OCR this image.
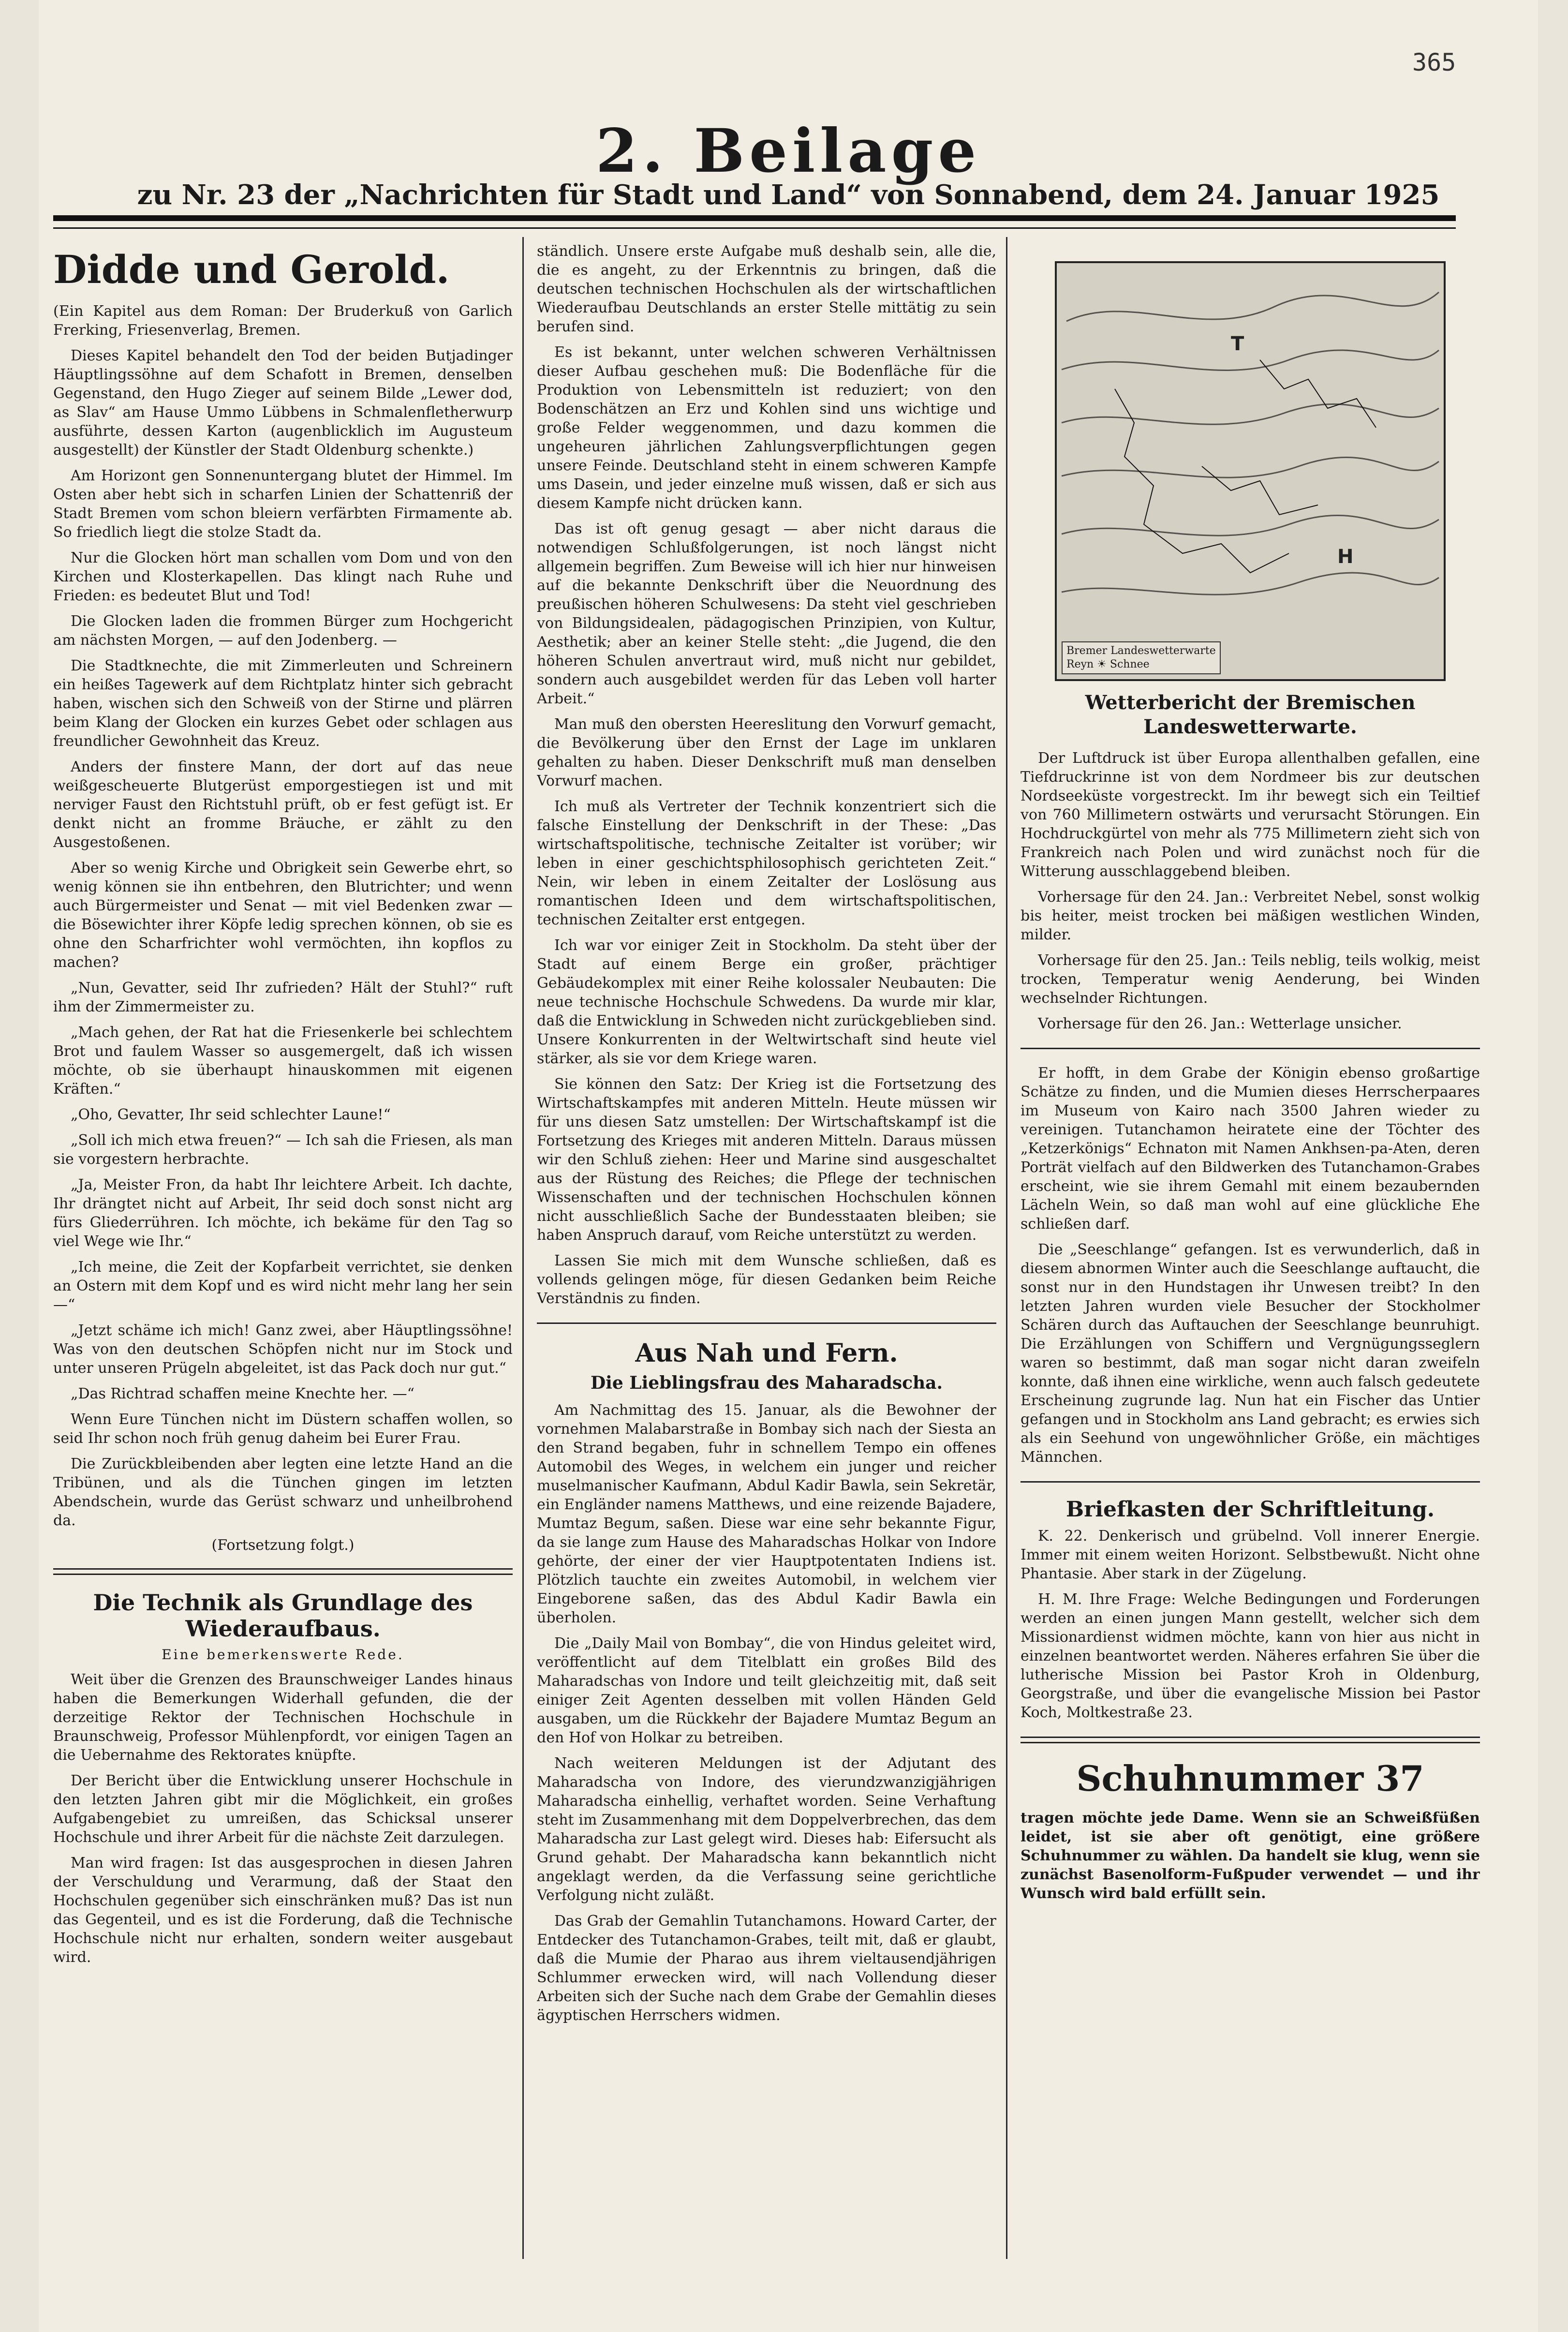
365
2. Beilage
zu Nr. 23 der „Nachrichten für Stadt und Land“ von Sonnabend, dem 24. Januar 1925
Didde und Gerold.

(Ein Kapitel aus dem Roman: Der Bruderkuß von Garlich Frerking, Friesenverlag, Bremen.

Dieses Kapitel behandelt den Tod der beiden Butjadinger Häuptlingssöhne auf dem Schafott in Bremen, denselben Gegenstand, den Hugo Zieger auf seinem Bilde „Lewer dod, as Slav“ am Hause Ummo Lübbens in Schmalenfletherwurp ausführte, dessen Karton (augenblicklich im Augusteum ausgestellt) der Künstler der Stadt Oldenburg schenkte.)

Am Horizont gen Sonnenuntergang blutet der Himmel. Im Osten aber hebt sich in scharfen Linien der Schattenriß der Stadt Bremen vom schon bleiern verfärbten Firmamente ab. So friedlich liegt die stolze Stadt da.

Nur die Glocken hört man schallen vom Dom und von den Kirchen und Klosterkapellen. Das klingt nach Ruhe und Frieden: es bedeutet Blut und Tod!

Die Glocken laden die frommen Bürger zum Hochgericht am nächsten Morgen, — auf den Jodenberg. —

Die Stadtknechte, die mit Zimmerleuten und Schreinern ein heißes Tagewerk auf dem Richtplatz hinter sich gebracht haben, wischen sich den Schweiß von der Stirne und plärren beim Klang der Glocken ein kurzes Gebet oder schlagen aus freundlicher Gewohnheit das Kreuz.

Anders der finstere Mann, der dort auf das neue weißgescheuerte Blutgerüst emporgestiegen ist und mit nerviger Faust den Richtstuhl prüft, ob er fest gefügt ist. Er denkt nicht an fromme Bräuche, er zählt zu den Ausgestoßenen.

Aber so wenig Kirche und Obrigkeit sein Gewerbe ehrt, so wenig können sie ihn entbehren, den Blutrichter; und wenn auch Bürgermeister und Senat — mit viel Bedenken zwar — die Bösewichter ihrer Köpfe ledig sprechen können, ob sie es ohne den Scharfrichter wohl vermöchten, ihn kopflos zu machen?

„Nun, Gevatter, seid Ihr zufrieden? Hält der Stuhl?“ ruft ihm der Zimmermeister zu.

„Mach gehen, der Rat hat die Friesenkerle bei schlechtem Brot und faulem Wasser so ausgemergelt, daß ich wissen möchte, ob sie überhaupt hinauskommen mit eigenen Kräften.“

„Oho, Gevatter, Ihr seid schlechter Laune!“

„Soll ich mich etwa freuen?“ — Ich sah die Friesen, als man sie vorgestern herbrachte.

„Ja, Meister Fron, da habt Ihr leichtere Arbeit. Ich dachte, Ihr drängtet nicht auf Arbeit, Ihr seid doch sonst nicht arg fürs Gliederrühren. Ich möchte, ich bekäme für den Tag so viel Wege wie Ihr.“

„Ich meine, die Zeit der Kopfarbeit verrichtet, sie denken an Ostern mit dem Kopf und es wird nicht mehr lang her sein —“

„Jetzt schäme ich mich! Ganz zwei, aber Häuptlingssöhne! Was von den deutschen Schöpfen nicht nur im Stock und unter unseren Prügeln abgeleitet, ist das Pack doch nur gut.“

„Das Richtrad schaffen meine Knechte her. —“

Wenn Eure Tünchen nicht im Düstern schaffen wollen, so seid Ihr schon noch früh genug daheim bei Eurer Frau.

Die Zurückbleibenden aber legten eine letzte Hand an die Tribünen, und als die Tünchen gingen im letzten Abendschein, wurde das Gerüst schwarz und unheilbrohend da.

(Fortsetzung folgt.)
Die Technik als Grundlage des Wiederaufbaus.
Eine bemerkenswerte Rede.

Weit über die Grenzen des Braunschweiger Landes hinaus haben die Bemerkungen Widerhall gefunden, die der derzeitige Rektor der Technischen Hochschule in Braunschweig, Professor Mühlenpfordt, vor einigen Tagen an die Uebernahme des Rektorates knüpfte.

Der Bericht über die Entwicklung unserer Hochschule in den letzten Jahren gibt mir die Möglichkeit, ein großes Aufgabengebiet zu umreißen, das Schicksal unserer Hochschule und ihrer Arbeit für die nächste Zeit darzulegen.

Man wird fragen: Ist das ausgesprochen in diesen Jahren der Verschuldung und Verarmung, daß der Staat den Hochschulen gegenüber sich einschränken muß? Das ist nun das Gegenteil, und es ist die Forderung, daß die Technische Hochschule nicht nur erhalten, sondern weiter ausgebaut wird.

ständlich. Unsere erste Aufgabe muß deshalb sein, alle die, die es angeht, zu der Erkenntnis zu bringen, daß die deutschen technischen Hochschulen als der wirtschaftlichen Wiederaufbau Deutschlands an erster Stelle mittätig zu sein berufen sind.

Es ist bekannt, unter welchen schweren Verhältnissen dieser Aufbau geschehen muß: Die Bodenfläche für die Produktion von Lebensmitteln ist reduziert; von den Bodenschätzen an Erz und Kohlen sind uns wichtige und große Felder weggenommen, und dazu kommen die ungeheuren jährlichen Zahlungsverpflichtungen gegen unsere Feinde. Deutschland steht in einem schweren Kampfe ums Dasein, und jeder einzelne muß wissen, daß er sich aus diesem Kampfe nicht drücken kann.

Das ist oft genug gesagt — aber nicht daraus die notwendigen Schlußfolgerungen, ist noch längst nicht allgemein begriffen. Zum Beweise will ich hier nur hinweisen auf die bekannte Denkschrift über die Neuordnung des preußischen höheren Schulwesens: Da steht viel geschrieben von Bildungsidealen, pädagogischen Prinzipien, von Kultur, Aesthetik; aber an keiner Stelle steht: „die Jugend, die den höheren Schulen anvertraut wird, muß nicht nur gebildet, sondern auch ausgebildet werden für das Leben voll harter Arbeit.“

Man muß den obersten Heereslitung den Vorwurf gemacht, die Bevölkerung über den Ernst der Lage im unklaren gehalten zu haben. Dieser Denkschrift muß man denselben Vorwurf machen.

Ich muß als Vertreter der Technik konzentriert sich die falsche Einstellung der Denkschrift in der These: „Das wirtschaftspolitische, technische Zeitalter ist vorüber; wir leben in einer geschichtsphilosophisch gerichteten Zeit.“ Nein, wir leben in einem Zeitalter der Loslösung aus romantischen Ideen und dem wirtschaftspolitischen, technischen Zeitalter erst entgegen.

Ich war vor einiger Zeit in Stockholm. Da steht über der Stadt auf einem Berge ein großer, prächtiger Gebäudekomplex mit einer Reihe kolossaler Neubauten: Die neue technische Hochschule Schwedens. Da wurde mir klar, daß die Entwicklung in Schweden nicht zurückgeblieben sind. Unsere Konkurrenten in der Weltwirtschaft sind heute viel stärker, als sie vor dem Kriege waren.

Sie können den Satz: Der Krieg ist die Fortsetzung des Wirtschaftskampfes mit anderen Mitteln. Heute müssen wir für uns diesen Satz umstellen: Der Wirtschaftskampf ist die Fortsetzung des Krieges mit anderen Mitteln. Daraus müssen wir den Schluß ziehen: Heer und Marine sind ausgeschaltet aus der Rüstung des Reiches; die Pflege der technischen Wissenschaften und der technischen Hochschulen können nicht ausschließlich Sache der Bundesstaaten bleiben; sie haben Anspruch darauf, vom Reiche unterstützt zu werden.

Lassen Sie mich mit dem Wunsche schließen, daß es vollends gelingen möge, für diesen Gedanken beim Reiche Verständnis zu finden.

Aus Nah und Fern.
Die Lieblingsfrau des Maharadscha.

Am Nachmittag des 15. Januar, als die Bewohner der vornehmen Malabarstraße in Bombay sich nach der Siesta an den Strand begaben, fuhr in schnellem Tempo ein offenes Automobil des Weges, in welchem ein junger und reicher muselmanischer Kaufmann, Abdul Kadir Bawla, sein Sekretär, ein Engländer namens Matthews, und eine reizende Bajadere, Mumtaz Begum, saßen. Diese war eine sehr bekannte Figur, da sie lange zum Hause des Maharadschas Holkar von Indore gehörte, der einer der vier Hauptpotentaten Indiens ist. Plötzlich tauchte ein zweites Automobil, in welchem vier Eingeborene saßen, das des Abdul Kadir Bawla ein überholen.

Die „Daily Mail von Bombay“, die von Hindus geleitet wird, veröffentlicht auf dem Titelblatt ein großes Bild des Maharadschas von Indore und teilt gleichzeitig mit, daß seit einiger Zeit Agenten desselben mit vollen Händen Geld ausgaben, um die Rückkehr der Bajadere Mumtaz Begum an den Hof von Holkar zu betreiben.

Nach weiteren Meldungen ist der Adjutant des Maharadscha von Indore, des vierundzwanzigjährigen Maharadscha einhellig, verhaftet worden. Seine Verhaftung steht im Zusammenhang mit dem Doppelverbrechen, das dem Maharadscha zur Last gelegt wird. Dieses hab: Eifersucht als Grund gehabt. Der Maharadscha kann bekanntlich nicht angeklagt werden, da die Verfassung seine gerichtliche Verfolgung nicht zuläßt.

Das Grab der Gemahlin Tutanchamons. Howard Carter, der Entdecker des Tutanchamon-Grabes, teilt mit, daß er glaubt, daß die Mumie der Pharao aus ihrem vieltausendjährigen Schlummer erwecken wird, will nach Vollendung dieser Arbeiten sich der Suche nach dem Grabe der Gemahlin dieses ägyptischen Herrschers widmen.

H
T
Bremer Landeswetterwarte
Reyn ☀ Schnee
Wetterbericht der Bremischen Landeswetterwarte.

Der Luftdruck ist über Europa allenthalben gefallen, eine Tiefdruckrinne ist von dem Nordmeer bis zur deutschen Nordseeküste vorgestreckt. Im ihr bewegt sich ein Teiltief von 760 Millimetern ostwärts und verursacht Störungen. Ein Hochdruckgürtel von mehr als 775 Millimetern zieht sich von Frankreich nach Polen und wird zunächst noch für die Witterung ausschlaggebend bleiben.

Vorhersage für den 24. Jan.: Verbreitet Nebel, sonst wolkig bis heiter, meist trocken bei mäßigen westlichen Winden, milder.

Vorhersage für den 25. Jan.: Teils neblig, teils wolkig, meist trocken, Temperatur wenig Aenderung, bei Winden wechselnder Richtungen.

Vorhersage für den 26. Jan.: Wetterlage unsicher.

Er hofft, in dem Grabe der Königin ebenso großartige Schätze zu finden, und die Mumien dieses Herrscherpaares im Museum von Kairo nach 3500 Jahren wieder zu vereinigen. Tutanchamon heiratete eine der Töchter des „Ketzerkönigs“ Echnaton mit Namen Ankhsen-pa-Aten, deren Porträt vielfach auf den Bildwerken des Tutanchamon-Grabes erscheint, wie sie ihrem Gemahl mit einem bezaubernden Lächeln Wein, so daß man wohl auf eine glückliche Ehe schließen darf.

Die „Seeschlange“ gefangen. Ist es verwunderlich, daß in diesem abnormen Winter auch die Seeschlange auftaucht, die sonst nur in den Hundstagen ihr Unwesen treibt? In den letzten Jahren wurden viele Besucher der Stockholmer Schären durch das Auftauchen der Seeschlange beunruhigt. Die Erzählungen von Schiffern und Vergnügungsseglern waren so bestimmt, daß man sogar nicht daran zweifeln konnte, daß ihnen eine wirkliche, wenn auch falsch gedeutete Erscheinung zugrunde lag. Nun hat ein Fischer das Untier gefangen und in Stockholm ans Land gebracht; es erwies sich als ein Seehund von ungewöhnlicher Größe, ein mächtiges Männchen.

Briefkasten der Schriftleitung.

K. 22. Denkerisch und grübelnd. Voll innerer Energie. Immer mit einem weiten Horizont. Selbstbewußt. Nicht ohne Phantasie. Aber stark in der Zügelung.

H. M. Ihre Frage: Welche Bedingungen und Forderungen werden an einen jungen Mann gestellt, welcher sich dem Missionardienst widmen möchte, kann von hier aus nicht in einzelnen beantwortet werden. Näheres erfahren Sie über die lutherische Mission bei Pastor Kroh in Oldenburg, Georgstraße, und über die evangelische Mission bei Pastor Koch, Moltkestraße 23.

Schuhnummer 37

tragen möchte jede Dame. Wenn sie an Schweißfüßen leidet, ist sie aber oft genötigt, eine größere Schuhnummer zu wählen. Da handelt sie klug, wenn sie zunächst Basenolform-Fußpuder verwendet — und ihr Wunsch wird bald erfüllt sein.
